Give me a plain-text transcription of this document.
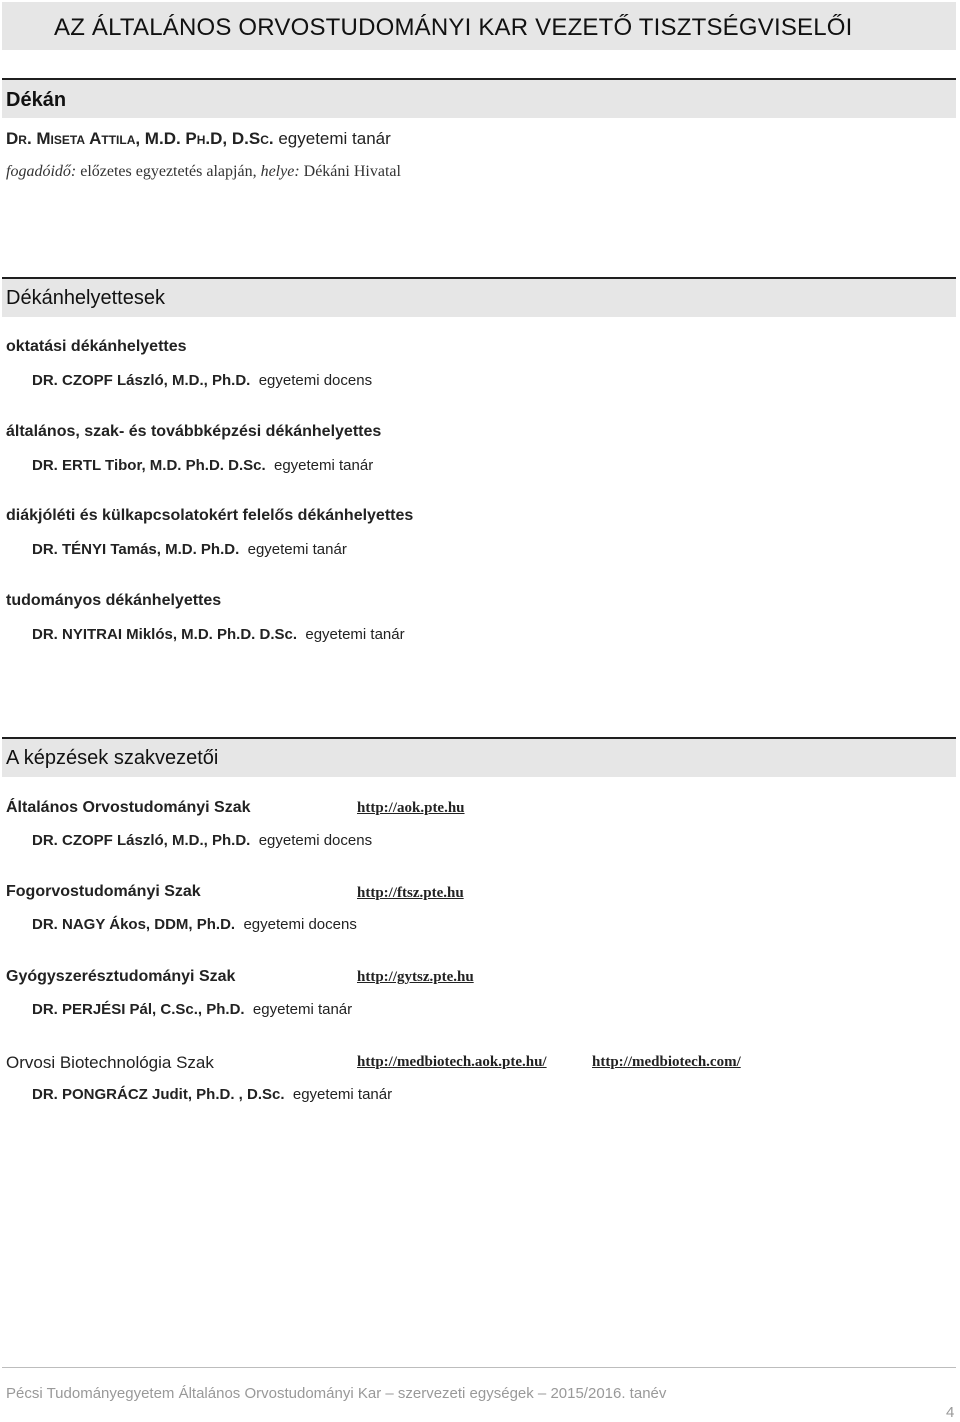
AZ ÁLTALÁNOS ORVOSTUDOMÁNYI KAR VEZETŐ TISZTSÉGVISELŐI
Dékán
Dr. Miseta Attila, M.D. Ph.D, D.Sc. egyetemi tanár
fogadóidő: előzetes egyeztetés alapján, helye: Dékáni Hivatal
Dékánhelyettesek
oktatási dékánhelyettes
DR. CZOPF László, M.D., Ph.D. egyetemi docens
általános, szak- és továbbképzési dékánhelyettes
DR. ERTL Tibor, M.D. Ph.D. D.Sc. egyetemi tanár
diákjóléti és külkapcsolatokért felelős dékánhelyettes
DR. TÉNYI Tamás, M.D. Ph.D. egyetemi tanár
tudományos dékánhelyettes
DR. NYITRAI Miklós, M.D. Ph.D. D.Sc. egyetemi tanár
A képzések szakvezetői
Általános Orvostudományi Szak	http://aok.pte.hu
DR. CZOPF László, M.D., Ph.D. egyetemi docens
Fogorvostudományi Szak	http://ftsz.pte.hu
DR. NAGY Ákos, DDM, Ph.D. egyetemi docens
Gyógyszerésztudományi Szak	http://gytsz.pte.hu
DR. PERJÉSI Pál, C.Sc., Ph.D. egyetemi tanár
Orvosi Biotechnológia Szak	http://medbiotech.aok.pte.hu/	http://medbiotech.com/
DR. PONGRÁCZ Judit, Ph.D. , D.Sc. egyetemi tanár
Pécsi Tudományegyetem Általános Orvostudományi Kar – szervezeti egységek – 2015/2016. tanév
4
